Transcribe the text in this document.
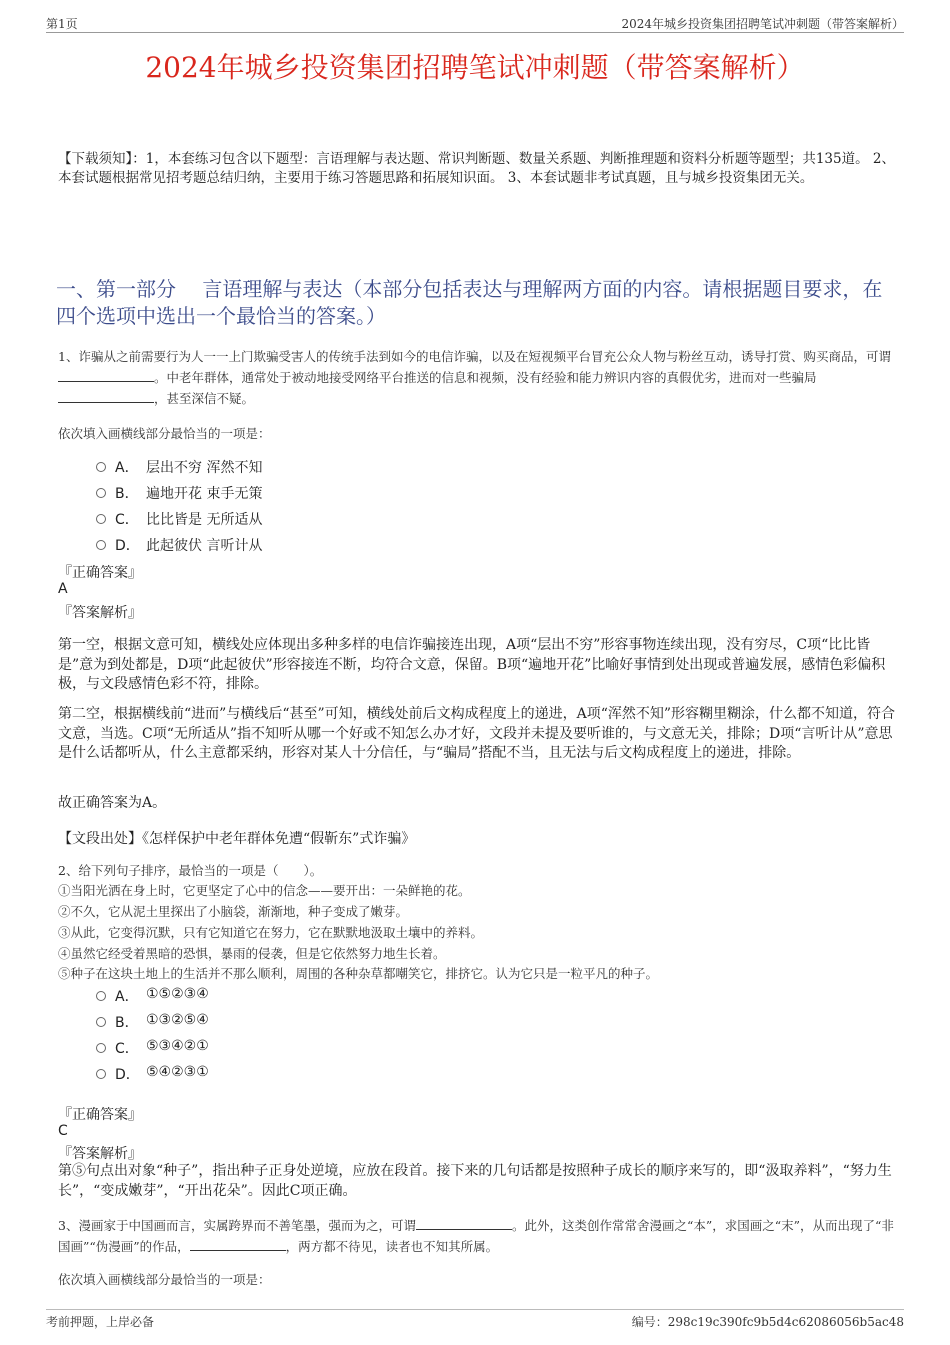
第1页	2024年城乡投资集团招聘笔试冲刺题（带答案解析）
2024年城乡投资集团招聘笔试冲刺题（带答案解析）
【下载须知】：1，本套练习包含以下题型：言语理解与表达题、常识判断题、数量关系题、判断推理题和资料分析题等题型；共135道。 2、本套试题根据常见招考题总结归纳，主要用于练习答题思路和拓展知识面。 3、本套试题非考试真题，且与城乡投资集团无关。
一、第一部分　 言语理解与表达（本部分包括表达与理解两方面的内容。请根据题目要求，在四个选项中选出一个最恰当的答案。）
1、诈骗从之前需要行为人一一上门欺骗受害人的传统手法到如今的电信诈骗，以及在短视频平台冒充公众人物与粉丝互动，诱导打赏、购买商品，可谓。中老年群体，通常处于被动地接受网络平台推送的信息和视频，没有经验和能力辨识内容的真假优劣，进而对一些骗局，甚至深信不疑。
依次填入画横线部分最恰当的一项是：
A． 层出不穷 浑然不知
B． 遍地开花 束手无策
C． 比比皆是 无所适从
D． 此起彼伏 言听计从
『正确答案』
A
『答案解析』
第一空，根据文意可知，横线处应体现出多种多样的电信诈骗接连出现，A项“层出不穷”形容事物连续出现，没有穷尽，C项“比比皆是”意为到处都是，D项“此起彼伏”形容接连不断，均符合文意，保留。B项“遍地开花”比喻好事情到处出现或普遍发展，感情色彩偏积极，与文段感情色彩不符，排除。
第二空，根据横线前“进而”与横线后“甚至”可知，横线处前后文构成程度上的递进，A项“浑然不知”形容糊里糊涂，什么都不知道，符合文意，当选。C项“无所适从”指不知听从哪一个好或不知怎么办才好，文段并未提及要听谁的，与文意无关，排除；D项“言听计从”意思是什么话都听从，什么主意都采纳，形容对某人十分信任，与“骗局”搭配不当，且无法与后文构成程度上的递进，排除。
故正确答案为A。
【文段出处】《怎样保护中老年群体免遭“假靳东”式诈骗》
2、给下列句子排序，最恰当的一项是（　　）。
①当阳光洒在身上时，它更坚定了心中的信念——要开出：一朵鲜艳的花。
②不久，它从泥土里探出了小脑袋，渐渐地，种子变成了嫩芽。
③从此，它变得沉默，只有它知道它在努力，它在默默地汲取土壤中的养料。
④虽然它经受着黑暗的恐惧，暴雨的侵袭，但是它依然努力地生长着。
⑤种子在这块土地上的生活并不那么顺利，周围的各种杂草都嘲笑它，排挤它。认为它只是一粒平凡的种子。
A． ①⑤②③④
B． ①③②⑤④
C． ⑤③④②①
D． ⑤④②③①
『正确答案』
C
『答案解析』
第⑤句点出对象“种子”，指出种子正身处逆境，应放在段首。接下来的几句话都是按照种子成长的顺序来写的，即“汲取养料”，“努力生长”，“变成嫩芽”，“开出花朵”。因此C项正确。
3、漫画家于中国画而言，实属跨界而不善笔墨，强而为之，可谓	。此外，这类创作常常舍漫画之“本”，求国画之“末”，从而出现了“非国画”“伪漫画”的作品，	，两方都不待见，读者也不知其所属。
依次填入画横线部分最恰当的一项是：
考前押题，上岸必备	编号：298c19c390fc9b5d4c62086056b5ac48
